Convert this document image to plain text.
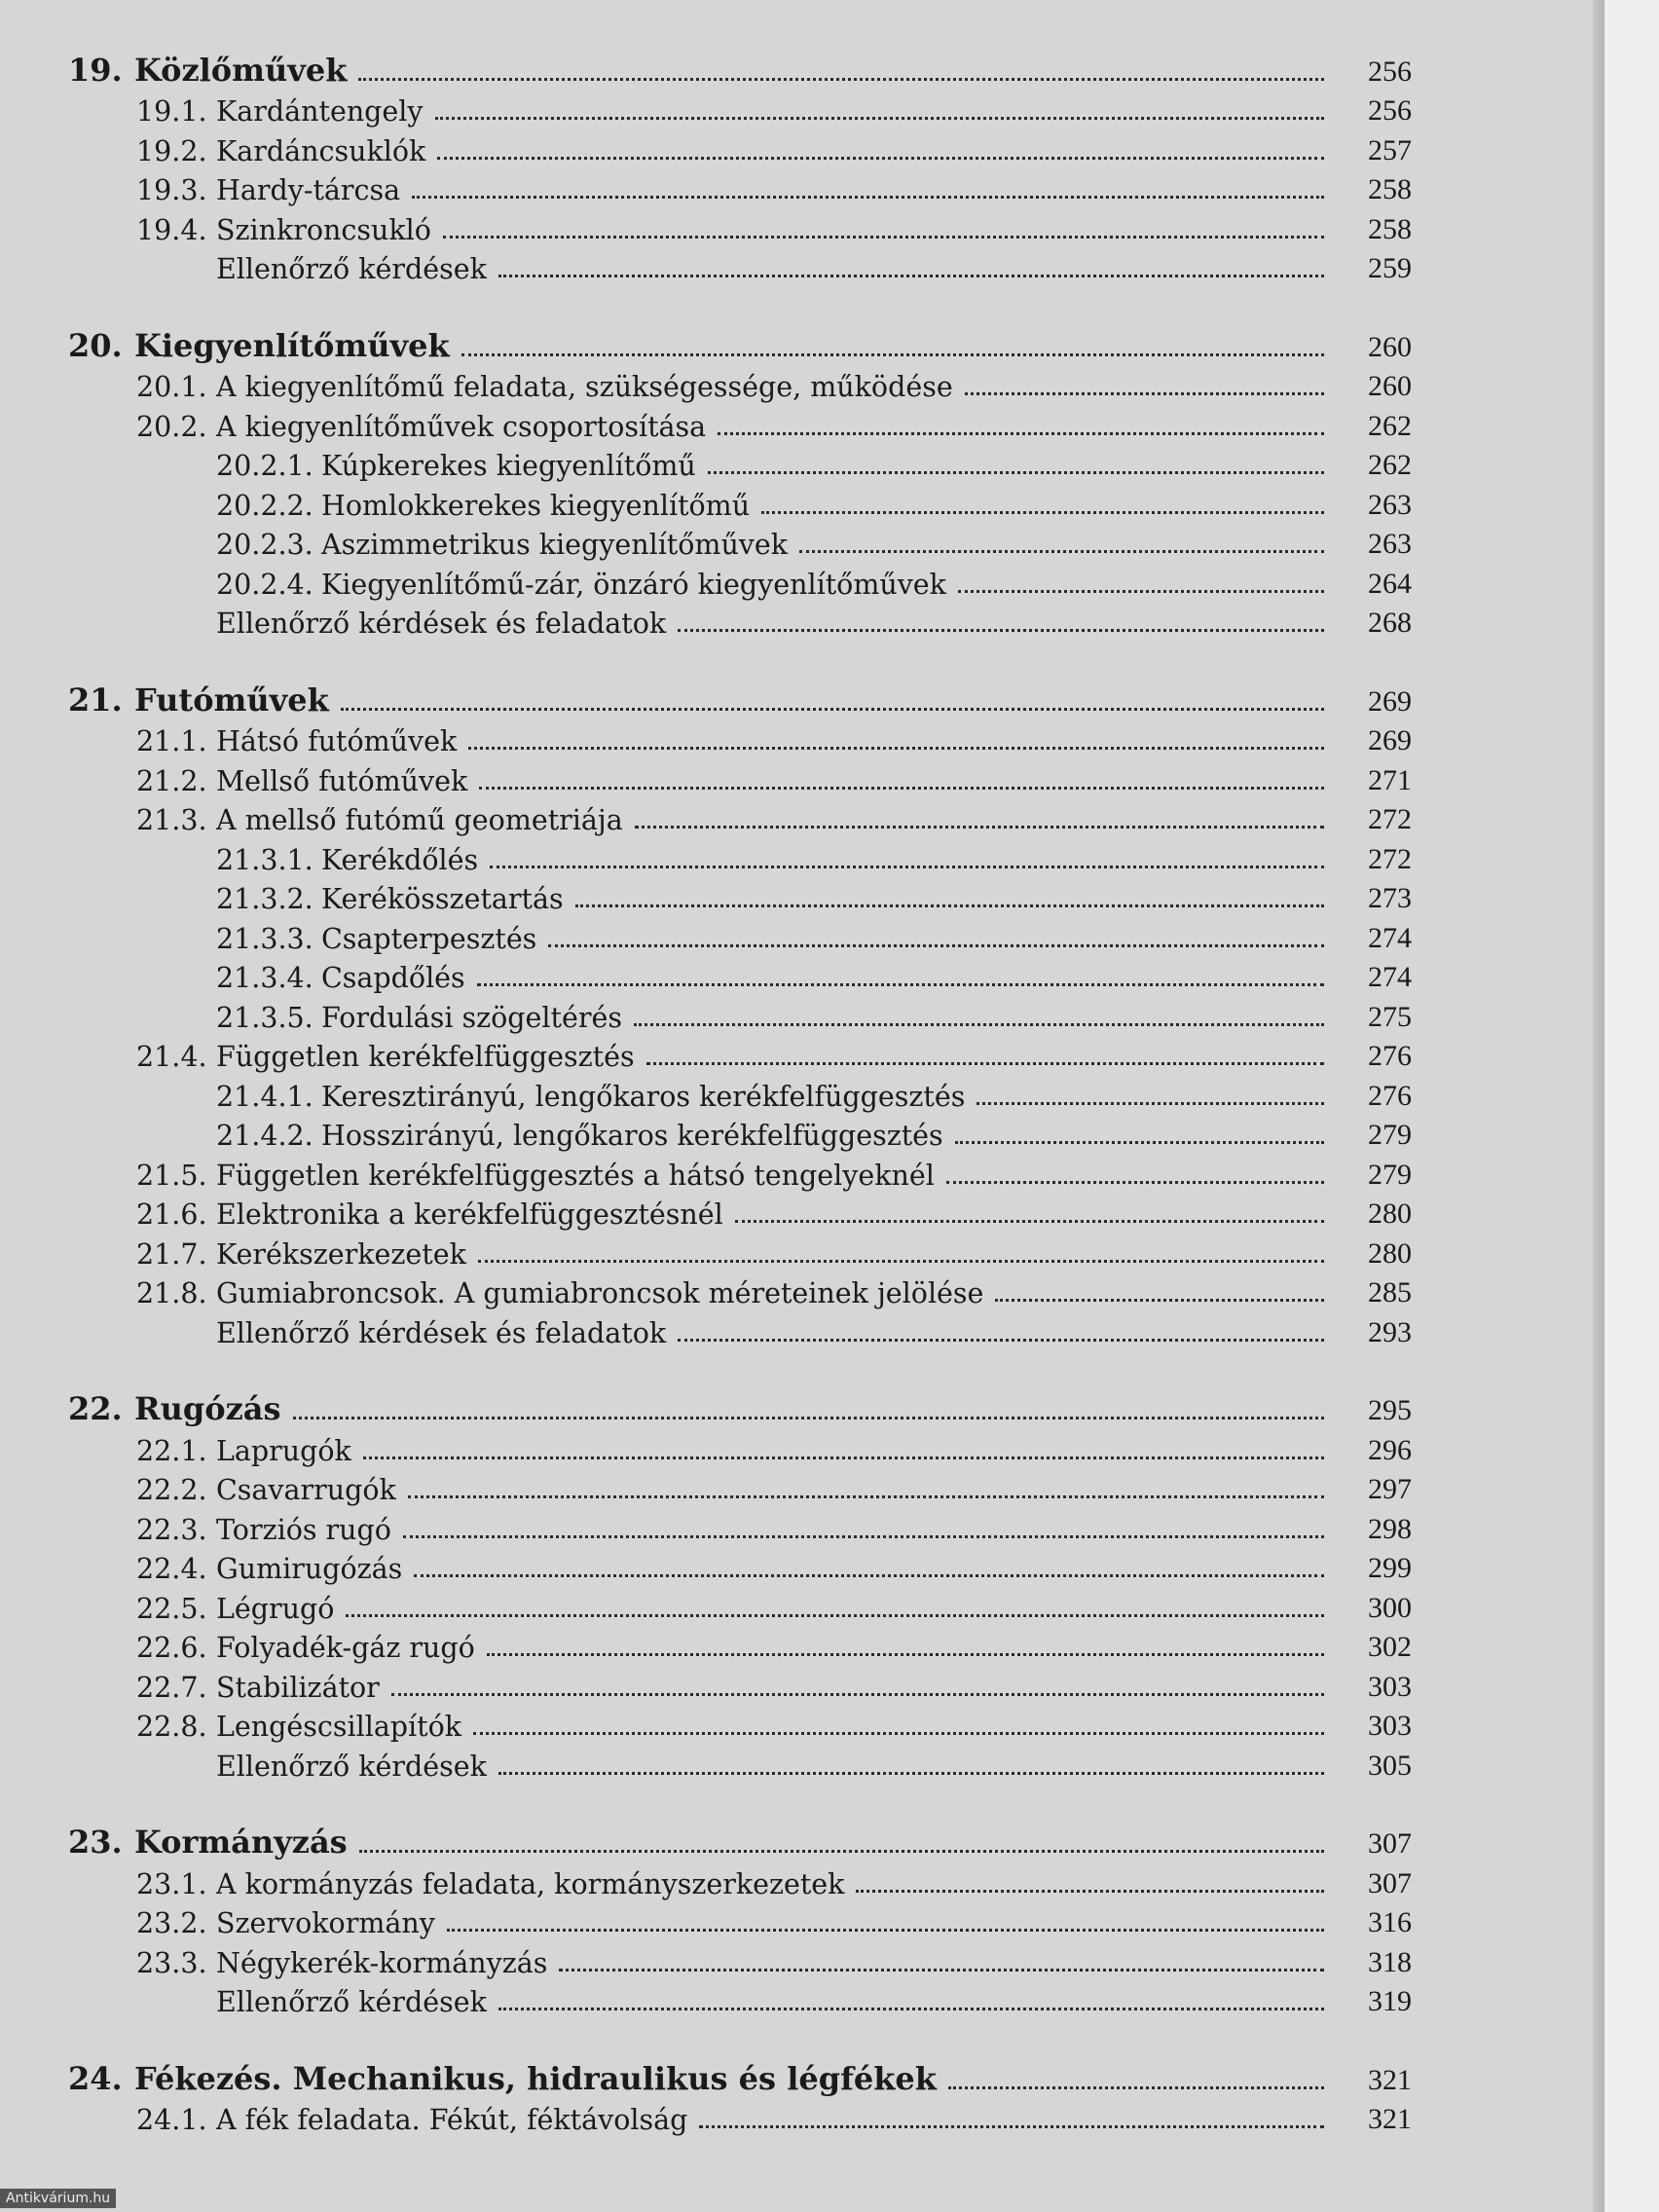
19. Közlőművek	256
19.1. Kardántengely	256
19.2. Kardáncsuklók	257
19.3. Hardy-tárcsa	258
19.4. Szinkroncsukló	258
Ellenőrző kérdések	259
20. Kiegyenlítőművek	260
20.1. A kiegyenlítőmű feladata, szükségessége, működése	260
20.2. A kiegyenlítőművek csoportosítása	262
20.2.1. Kúpkerekes kiegyenlítőmű	262
20.2.2. Homlokkerekes kiegyenlítőmű	263
20.2.3. Aszimmetrikus kiegyenlítőművek	263
20.2.4. Kiegyenlítőmű-zár, önzáró kiegyenlítőművek	264
Ellenőrző kérdések és feladatok	268
21. Futóművek	269
21.1. Hátsó futóművek	269
21.2. Mellső futóművek	271
21.3. A mellső futómű geometriája	272
21.3.1. Kerékdőlés	272
21.3.2. Kerékösszetartás	273
21.3.3. Csapterpesztés	274
21.3.4. Csapdőlés	274
21.3.5. Fordulási szögeltérés	275
21.4. Független kerékfelfüggesztés	276
21.4.1. Keresztirányú, lengőkaros kerékfelfüggesztés	276
21.4.2. Hosszirányú, lengőkaros kerékfelfüggesztés	279
21.5. Független kerékfelfüggesztés a hátsó tengelyeknél	279
21.6. Elektronika a kerékfelfüggesztésnél	280
21.7. Kerékszerkezetek	280
21.8. Gumiabroncsok. A gumiabroncsok méreteinek jelölése	285
Ellenőrző kérdések és feladatok	293
22. Rugózás	295
22.1. Laprugók	296
22.2. Csavarrugók	297
22.3. Torziós rugó	298
22.4. Gumirugózás	299
22.5. Légrugó	300
22.6. Folyadék-gáz rugó	302
22.7. Stabilizátor	303
22.8. Lengéscsillapítók	303
Ellenőrző kérdések	305
23. Kormányzás	307
23.1. A kormányzás feladata, kormányszerkezetek	307
23.2. Szervokormány	316
23.3. Négykerék-kormányzás	318
Ellenőrző kérdések	319
24. Fékezés. Mechanikus, hidraulikus és légfékek	321
24.1. A fék feladata. Fékút, féktávolság	321
Antikvárium.hu
